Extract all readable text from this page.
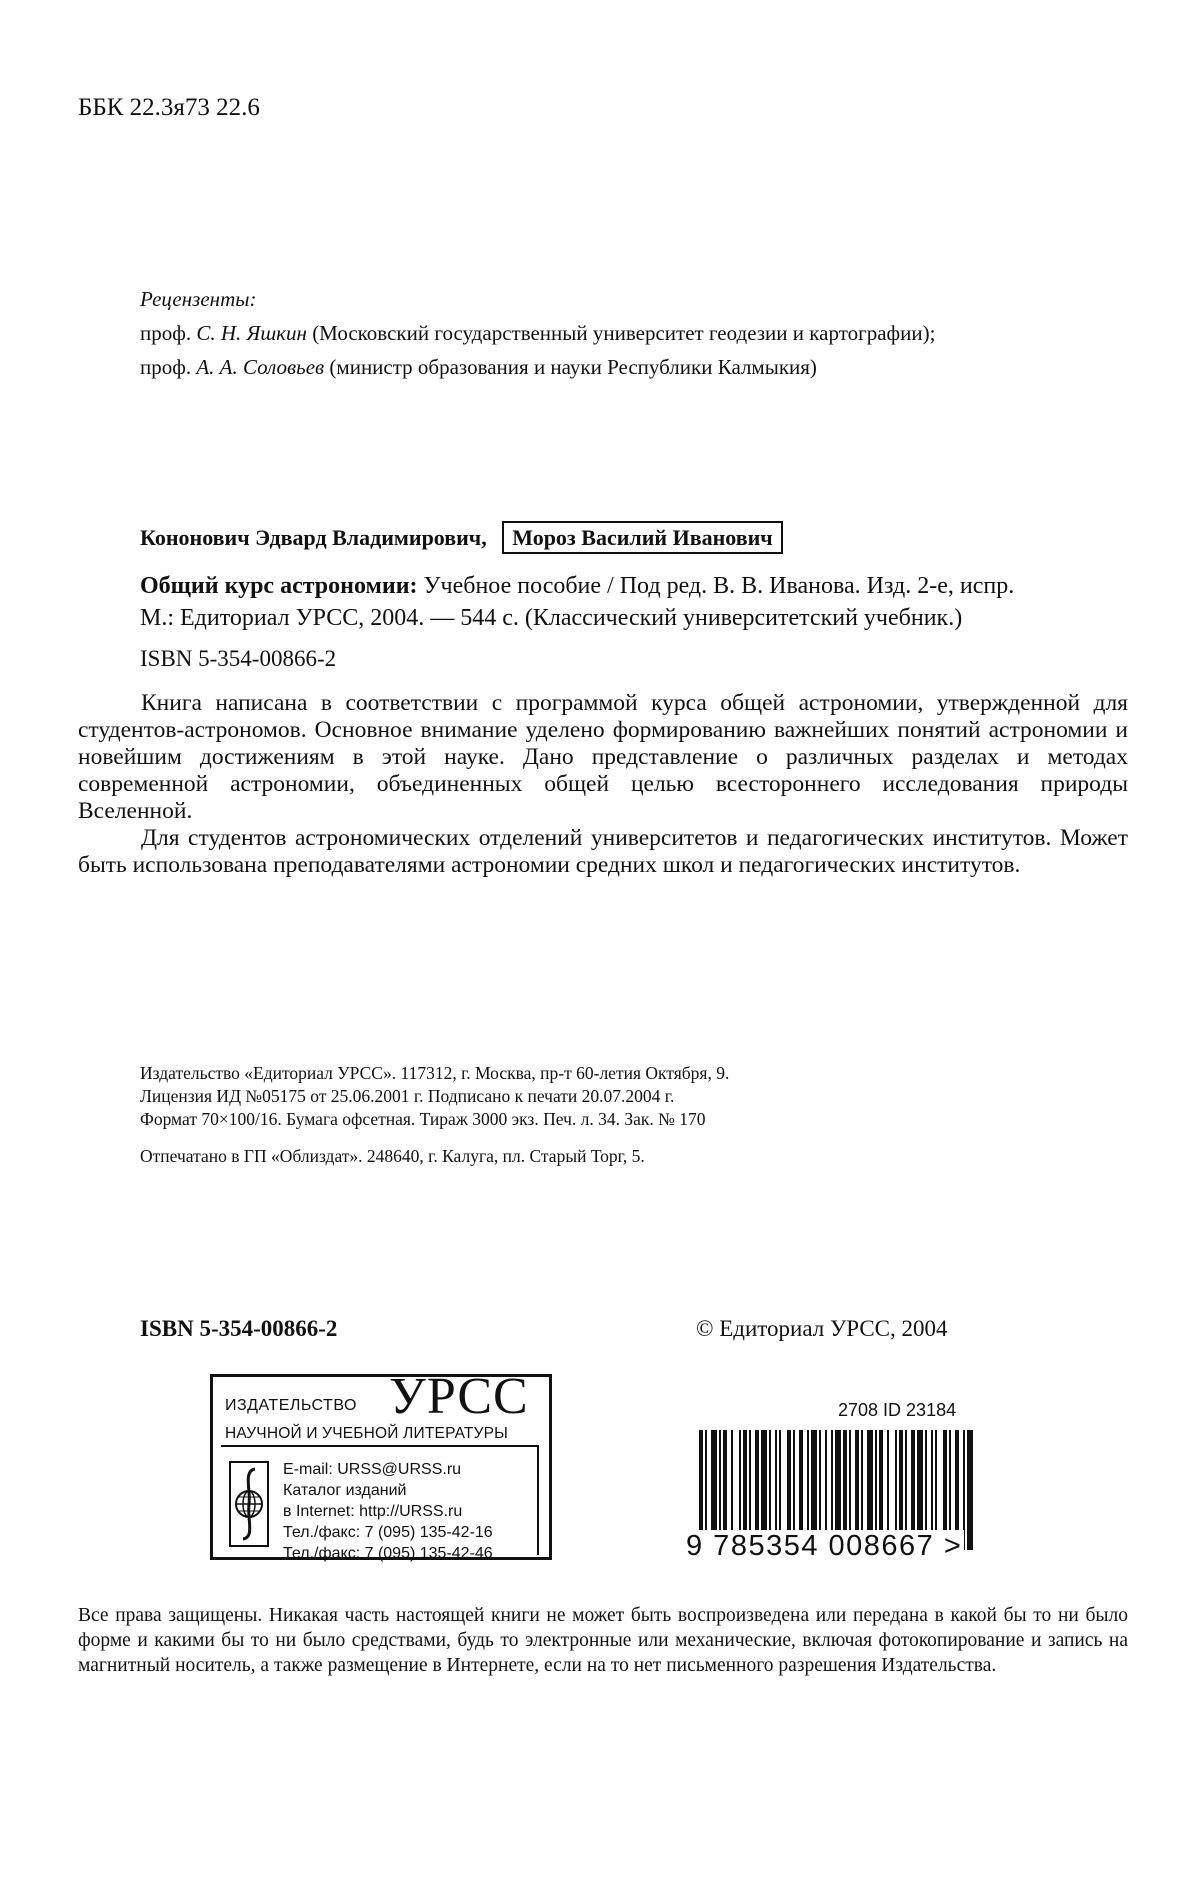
ББК 22.3я73 22.6
Рецензенты:
проф. С. Н. Яшкин (Московский государственный университет геодезии и картографии);
проф. А. А. Соловьев (министр образования и науки Республики Калмыкия)
Кононович Эдвард Владимирович, Мороз Василий Иванович
Общий курс астрономии: Учебное пособие / Под ред. В. В. Иванова. Изд. 2-е, испр.
М.: Едиториал УРСС, 2004. — 544 с. (Классический университетский учебник.)
ISBN 5-354-00866-2

Книга написана в соответствии с программой курса общей астрономии, утвержденной для студентов-астрономов. Основное внимание уделено формированию важнейших понятий астрономии и новейшим достижениям в этой науке. Дано представление о различных разделах и методах современной астрономии, объединенных общей целью всестороннего исследования природы Вселенной.

Для студентов астрономических отделений университетов и педагогических институтов. Может быть использована преподавателями астрономии средних школ и педагогических институтов.

Издательство «Едиториал УРСС». 117312, г. Москва, пр-т 60-летия Октября, 9.
Лицензия ИД №05175 от 25.06.2001 г. Подписано к печати 20.07.2004 г.
Формат 70×100/16. Бумага офсетная. Тираж 3000 экз. Печ. л. 34. Зак. № 170
Отпечатано в ГП «Облиздат». 248640, г. Калуга, пл. Старый Торг, 5.
ISBN 5-354-00866-2	© Едиториал УРСС, 2004
ИЗДАТЕЛЬСТВО УРСС
НАУЧНОЙ И УЧЕБНОЙ ЛИТЕРАТУРЫ
E-mail: URSS@URSS.ru
Каталог изданий
в Internet: http://URSS.ru
Тел./факс: 7 (095) 135-42-16
Тел./факс: 7 (095) 135-42-46
2708 ID 23184
9 785354 008667 >
Все права защищены. Никакая часть настоящей книги не может быть воспроизведена или передана в какой бы то ни было форме и какими бы то ни было средствами, будь то электронные или механические, включая фотокопирование и запись на магнитный носитель, а также размещение в Интернете, если на то нет письменного разрешения Издательства.
